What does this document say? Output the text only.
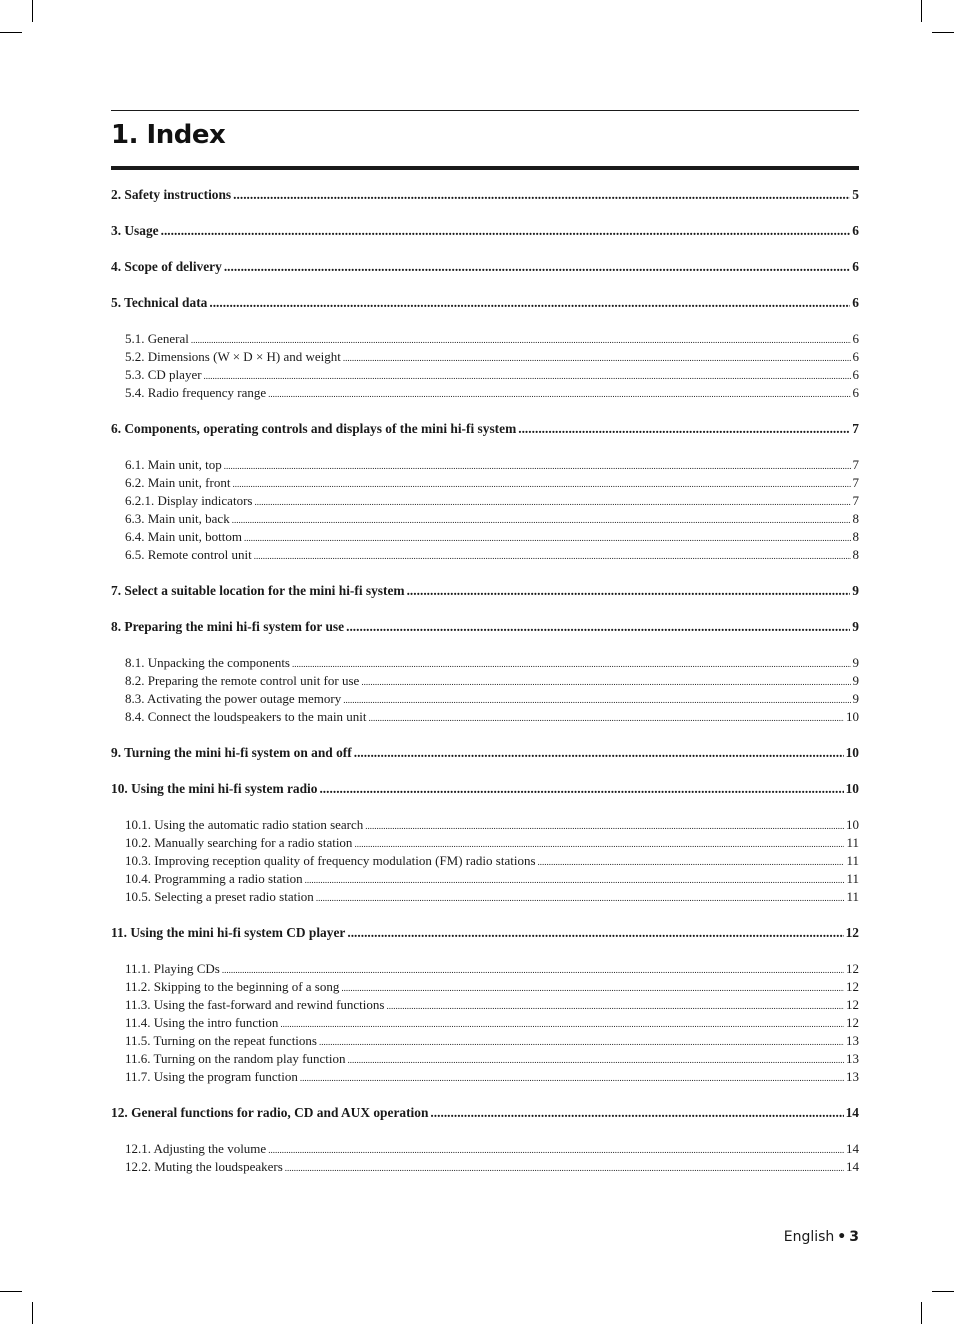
1. Index
2. Safety instructions .....	5
3. Usage .....	6
4. Scope of delivery .....	6
5. Technical data .....	6
5.1. General .....	6
5.2. Dimensions (W × D × H) and weight .....	6
5.3. CD player .....	6
5.4. Radio frequency range .....	6
6. Components, operating controls and displays of the mini hi-fi system .....	7
6.1. Main unit, top .....	7
6.2. Main unit, front .....	7
6.2.1. Display indicators .....	7
6.3. Main unit, back .....	8
6.4. Main unit, bottom .....	8
6.5. Remote control unit .....	8
7. Select a suitable location for the mini hi-fi system .....	9
8. Preparing the mini hi-fi system for use .....	9
8.1. Unpacking the components .....	9
8.2. Preparing the remote control unit for use .....	9
8.3. Activating the power outage memory .....	9
8.4. Connect the loudspeakers to the main unit .....	10
9. Turning the mini hi-fi system on and off .....	10
10. Using the mini hi-fi system radio .....	10
10.1. Using the automatic radio station search .....	10
10.2. Manually searching for a radio station .....	11
10.3. Improving reception quality of frequency modulation (FM) radio stations .....	11
10.4. Programming a radio station .....	11
10.5. Selecting a preset radio station .....	11
11. Using the mini hi-fi system CD player .....	12
11.1. Playing CDs .....	12
11.2. Skipping to the beginning of a song .....	12
11.3. Using the fast-forward and rewind functions .....	12
11.4. Using the intro function .....	12
11.5. Turning on the repeat functions .....	13
11.6. Turning on the random play function .....	13
11.7. Using the program function .....	13
12. General functions for radio, CD and AUX operation .....	14
12.1. Adjusting the volume .....	14
12.2. Muting the loudspeakers .....	14
English • 3
